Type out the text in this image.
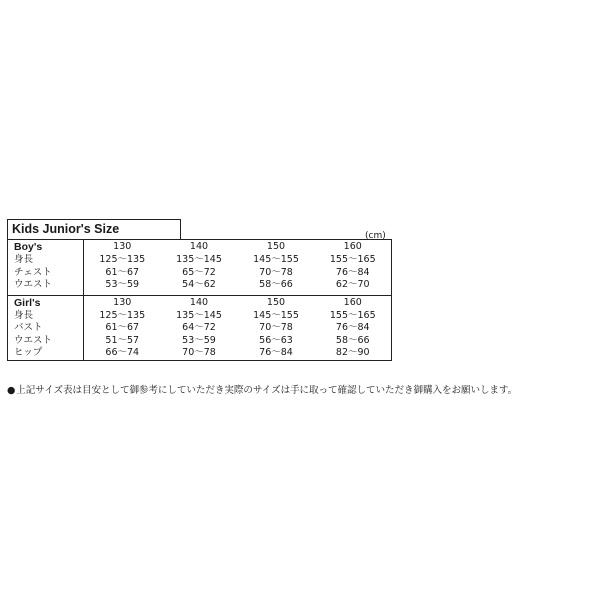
Kids Junior's Size	(cm)
Boy's	130	140	150	160
身長	125〜135	135〜145	145〜155	155〜165
チェスト	61〜67	65〜72	70〜78	76〜84
ウエスト	53〜59	54〜62	58〜66	62〜70
Girl's	130	140	150	160
身長	125〜135	135〜145	145〜155	155〜165
バスト	61〜67	64〜72	70〜78	76〜84
ウエスト	51〜57	53〜59	56〜63	58〜66
ヒップ	66〜74	70〜78	76〜84	82〜90
●上記サイズ表は目安として御参考にしていただき実際のサイズは手に取って確認していただき御購入をお願いします。
